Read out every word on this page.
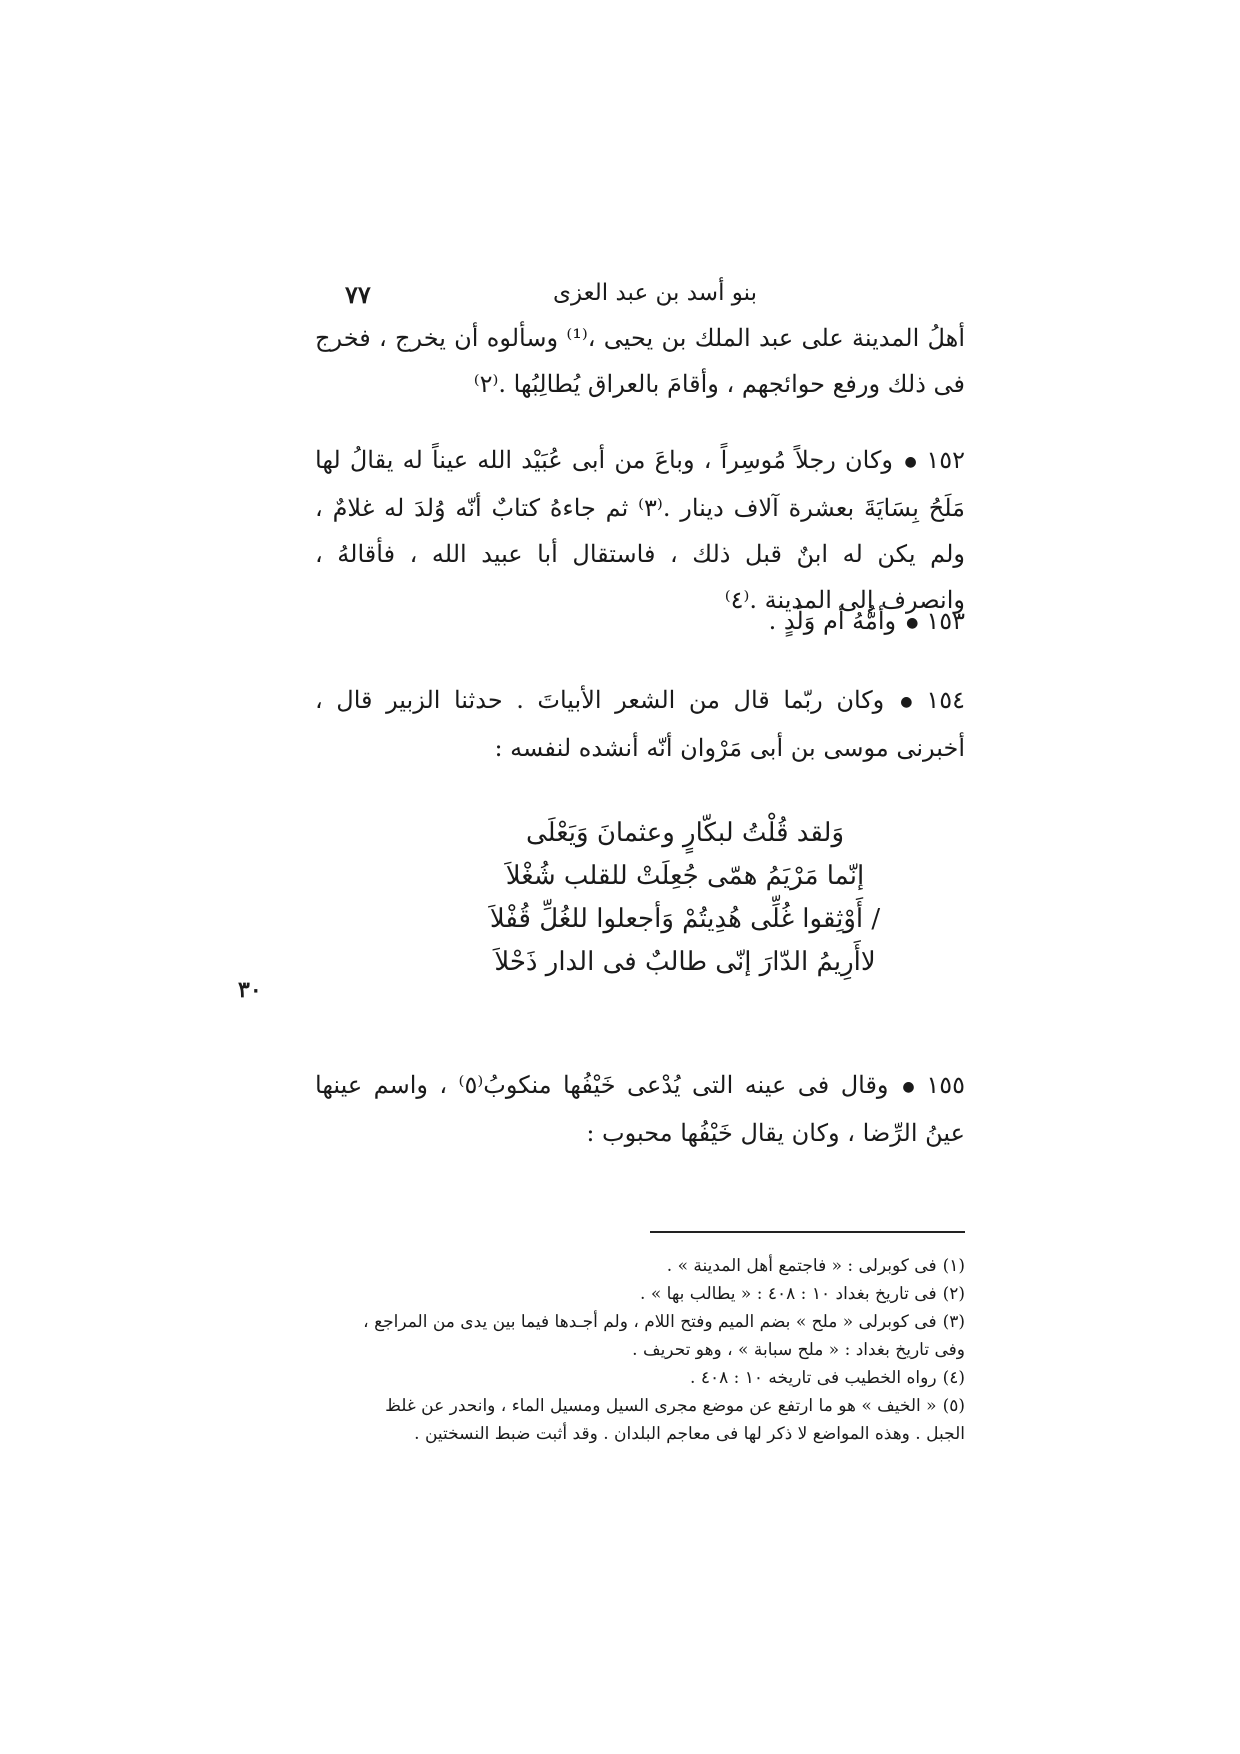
٧٧	بنو أسد بن عبد العزى
أهلُ المدينة على عبد الملك بن يحيى ،⁽¹⁾ وسألوه أن يخرج ، فخرج فى ذلك ورفع حوائجهم ، وأقامَ بالعراق يُطالِبُها .⁽٢⁾
١٥٢●وكان رجلاً مُوسِراً ، وباعَ من أبى عُبَيْد الله عيناً له يقالُ لها مَلَحُ بِسَايَةَ بعشرة آلاف دينار .⁽٣⁾ ثم جاءهُ كتابٌ أنّه وُلدَ له غلامٌ ، ولم يكن له ابنٌ قبل ذلك ، فاستقال أبا عبيد الله ، فأقالهُ ، وانصرف إلى المدينة .⁽٤⁾
١٥٣●وأمُّهُ أم وَلَدٍ .
١٥٤●وكان ربّما قال من الشعر الأبياتَ . حدثنا الزبير قال ، أخبرنى موسى بن أبى مَرْوان أنّه أنشده لنفسه :
وَلقد قُلْتُ لبكّارٍ وعثمانَ وَيَعْلَى
إنّما مَرْيَمُ همّى جُعِلَتْ للقلب شُغْلاَ
/ أَوْثِقوا غُلِّى هُدِيتُمْ وَأجعلوا للغُلِّ قُفْلاَ
لاأَرِيمُ الدّارَ إنّى طالبٌ فى الدار ذَحْلاَ
٣٠
١٥٥●وقال فى عينه التى يُدْعى خَيْفُها منكوبُ⁽٥⁾ ، واسم عينها عينُ الرِّضا ، وكان يقال خَيْفُها محبوب :
(١)فى كوبرلى : « فاجتمع أهل المدينة » .
(٢)فى تاريخ بغداد ١٠ : ٤٠٨ : « يطالب بها » .
(٣)فى كوبرلى « ملح » بضم الميم وفتح اللام ، ولم أجـدها فيما بين يدى من المراجع ،
وفى تاريخ بغداد : « ملح سبابة » ، وهو تحريف .
(٤)رواه الخطيب فى تاريخه ١٠ : ٤٠٨ .
(٥)« الخيف » هو ما ارتفع عن موضع مجرى السيل ومسيل الماء ، وانحدر عن غلظ
الجبل . وهذه المواضع لا ذكر لها فى معاجم البلدان . وقد أثبت ضبط النسختين .
